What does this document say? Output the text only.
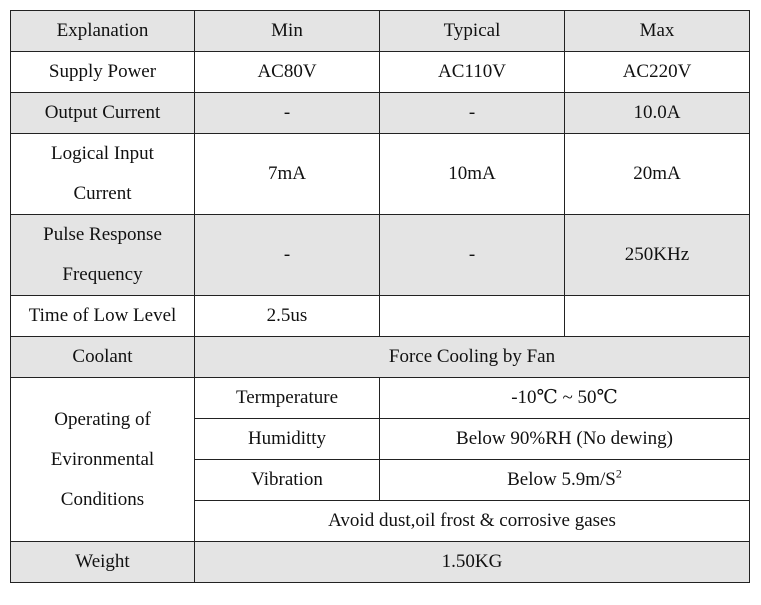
Explanation	Min	Typical	Max
Supply Power	AC80V	AC110V	AC220V
Output Current	-	-	10.0A

Logical Input
Current	7mA	10mA	20mA

Pulse Response
Frequency	-	-	250KHz
Time of Low Level	2.5us		
Coolant	Force Cooling by Fan		

Operating of
Evironmental
Conditions	Termperature	-10℃ ~ 50℃	
	Humiditty	Below 90%RH (No dewing)	
	Vibration	Below $5.9m/S^2$
	Avoid dust,oil frost & corrosive gases		
Weight	1.50KG		
